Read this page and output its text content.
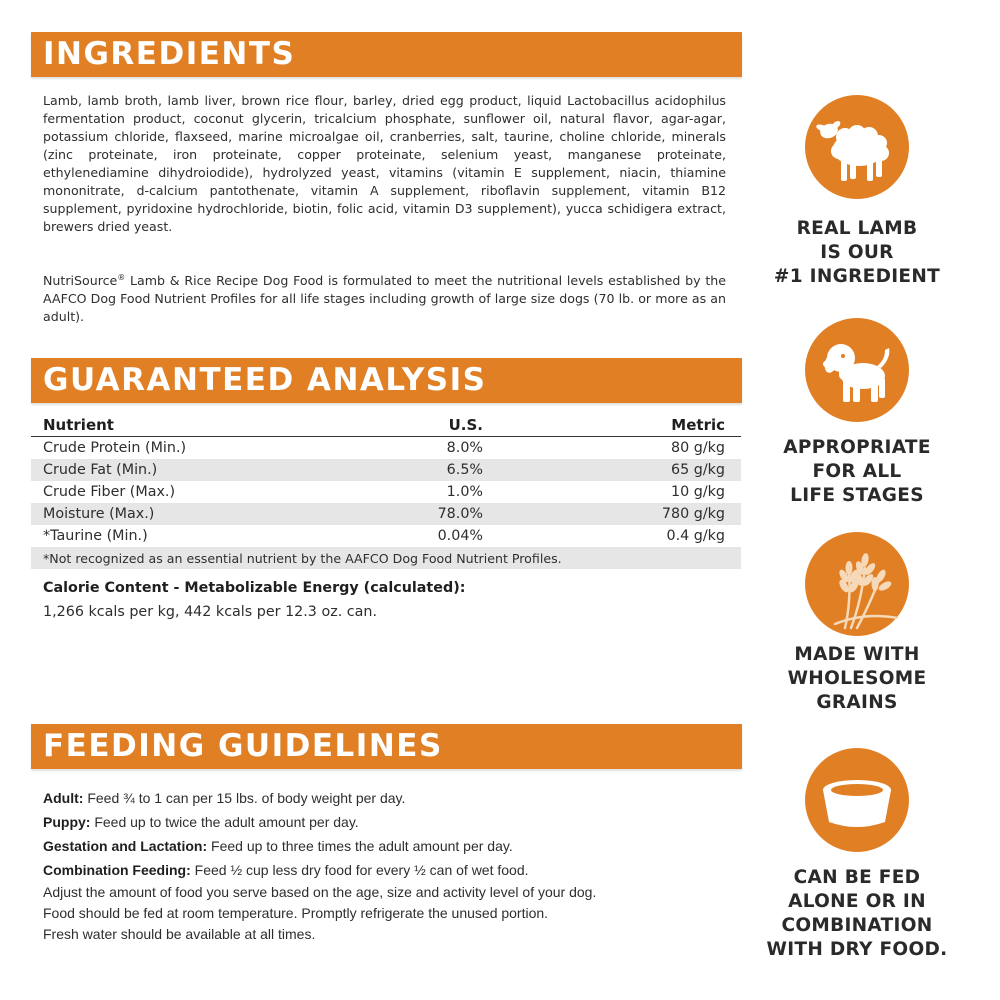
INGREDIENTS
Lamb, lamb broth, lamb liver, brown rice flour, barley, dried egg product, liquid Lactobacillus acidophilus fermentation product, coconut glycerin, tricalcium phosphate, sunflower oil, natural flavor, agar-agar, potassium chloride, flaxseed, marine microalgae oil, cranberries, salt, taurine, choline chloride, minerals (zinc proteinate, iron proteinate, copper proteinate, selenium yeast, manganese proteinate, ethylenediamine dihydroiodide), hydrolyzed yeast, vitamins (vitamin E supplement, niacin, thiamine mononitrate, d-calcium pantothenate, vitamin A supplement, riboflavin supplement, vitamin B12 supplement, pyridoxine hydrochloride, biotin, folic acid, vitamin D3 supplement), yucca schidigera extract, brewers dried yeast.
NutriSource® Lamb & Rice Recipe Dog Food is formulated to meet the nutritional levels established by the AAFCO Dog Food Nutrient Profiles for all life stages including growth of large size dogs (70 lb. or more as an adult).
GUARANTEED ANALYSIS
Nutrient	U.S.	Metric
Crude Protein (Min.)	8.0%	80 g/kg
Crude Fat (Min.)	6.5%	65 g/kg
Crude Fiber (Max.)	1.0%	10 g/kg
Moisture (Max.)	78.0%	780 g/kg
*Taurine (Min.)	0.04%	0.4 g/kg
*Not recognized as an essential nutrient by the AAFCO Dog Food Nutrient Profiles.		
Calorie Content - Metabolizable Energy (calculated):
1,266 kcals per kg, 442 kcals per 12.3 oz. can.
FEEDING GUIDELINES
Adult: Feed ¾ to 1 can per 15 lbs. of body weight per day.
Puppy: Feed up to twice the adult amount per day.
Gestation and Lactation: Feed up to three times the adult amount per day.
Combination Feeding: Feed ½ cup less dry food for every ½ can of wet food.
Adjust the amount of food you serve based on the age, size and activity level of your dog.
Food should be fed at room temperature. Promptly refrigerate the unused portion.
Fresh water should be available at all times.
REAL LAMB
IS OUR
#1 INGREDIENT
APPROPRIATE
FOR ALL
LIFE STAGES
MADE WITH
WHOLESOME
GRAINS
CAN BE FED
ALONE OR IN
COMBINATION
WITH DRY FOOD.
